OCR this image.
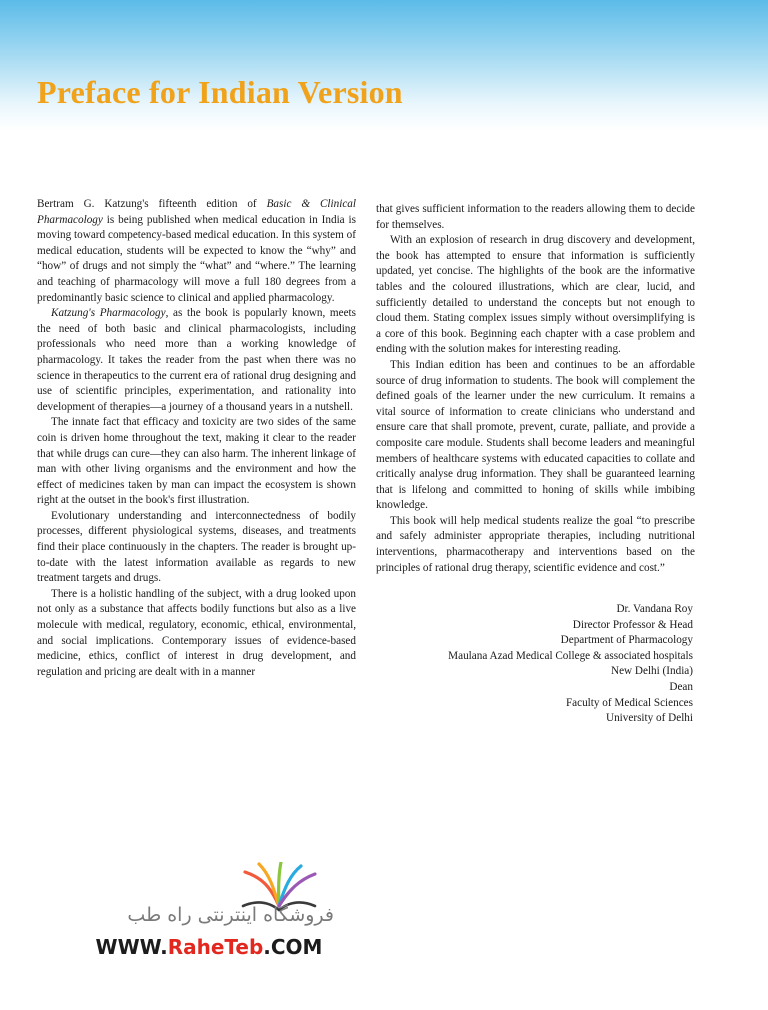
Preface for Indian Version

Bertram G. Katzung's fifteenth edition of Basic & Clinical Pharmacology is being published when medical education in India is moving toward competency-based medical education. In this system of medical education, students will be expected to know the “why” and “how” of drugs and not simply the “what” and “where.” The learning and teaching of pharmacology will move a full 180 degrees from a predominantly basic science to clinical and applied pharmacology.

Katzung's Pharmacology, as the book is popularly known, meets the need of both basic and clinical pharmacologists, including professionals who need more than a working knowledge of pharmacology. It takes the reader from the past when there was no science in therapeutics to the current era of rational drug designing and use of scientific principles, experimentation, and rationality into development of therapies—a journey of a thousand years in a nutshell.

The innate fact that efficacy and toxicity are two sides of the same coin is driven home throughout the text, making it clear to the reader that while drugs can cure—they can also harm. The inherent linkage of man with other living organisms and the environment and how the effect of medicines taken by man can impact the ecosystem is shown right at the outset in the book's first illustration.

Evolutionary understanding and interconnectedness of bodily processes, different physiological systems, diseases, and treatments find their place continuously in the chapters. The reader is brought up-to-date with the latest information available as regards to new treatment targets and drugs.

There is a holistic handling of the subject, with a drug looked upon not only as a substance that affects bodily functions but also as a live molecule with medical, regulatory, economic, ethical, environmental, and social implications. Contemporary issues of evidence-based medicine, ethics, conflict of interest in drug development, and regulation and pricing are dealt with in a manner

that gives sufficient information to the readers allowing them to decide for themselves.

With an explosion of research in drug discovery and development, the book has attempted to ensure that information is sufficiently updated, yet concise. The highlights of the book are the informative tables and the coloured illustrations, which are clear, lucid, and sufficiently detailed to understand the concepts but not enough to cloud them. Stating complex issues simply without oversimplifying is a core of this book. Beginning each chapter with a case problem and ending with the solution makes for interesting reading.

This Indian edition has been and continues to be an affordable source of drug information to students. The book will complement the defined goals of the learner under the new curriculum. It remains a vital source of information to create clinicians who understand and ensure care that shall promote, prevent, curate, palliate, and provide a composite care module. Students shall become leaders and meaningful members of healthcare systems with educated capacities to collate and critically analyse drug information. They shall be guaranteed learning that is lifelong and committed to honing of skills while imbibing knowledge.

This book will help medical students realize the goal “to prescribe and safely administer appropriate therapies, including nutritional interventions, pharmacotherapy and interventions based on the principles of rational drug therapy, scientific evidence and cost.”

Dr. Vandana Roy
Director Professor & Head
Department of Pharmacology
Maulana Azad Medical College & associated hospitals
New Delhi (India)
Dean
Faculty of Medical Sciences
University of Delhi
فروشگاه اینترنتی راه طب
WWW.RaheTeb.COM
